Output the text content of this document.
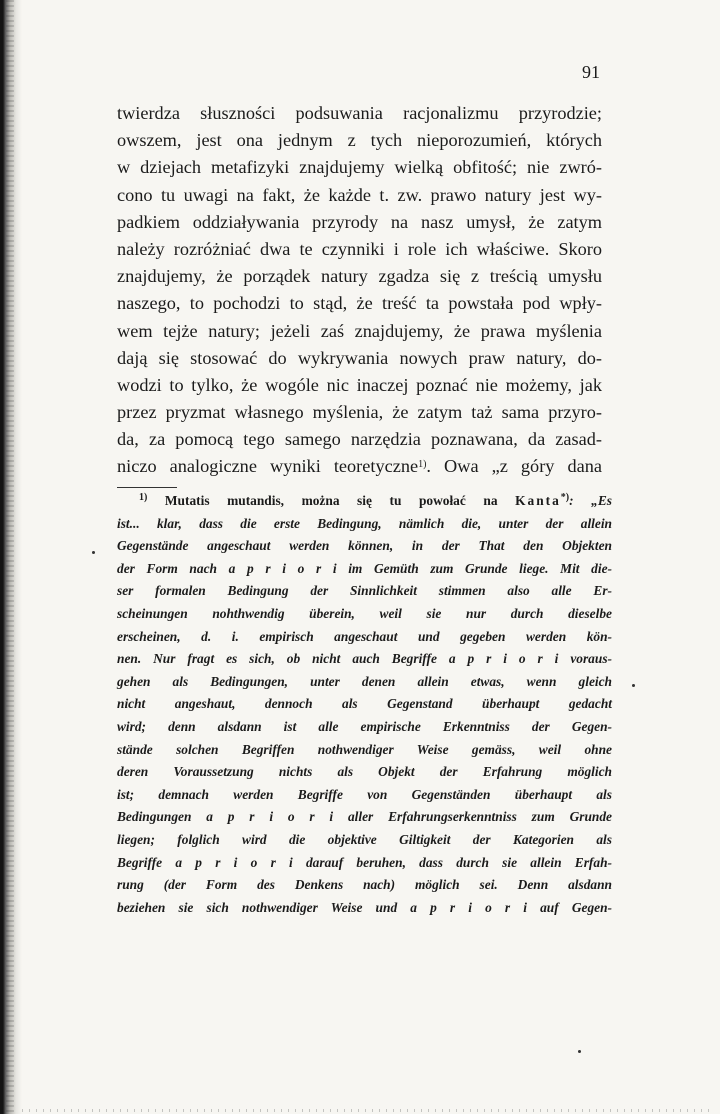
91
twierdza słuszności podsuwania racjonalizmu przyrodzie;
owszem, jest ona jednym z tych nieporozumień, których
w dziejach metafizyki znajdujemy wielką obfitość; nie zwró-
cono tu uwagi na fakt, że każde t. zw. prawo natury jest wy-
padkiem oddziaływania przyrody na nasz umysł, że zatym
należy rozróżniać dwa te czynniki i role ich właściwe. Skoro
znajdujemy, że porządek natury zgadza się z treścią umysłu
naszego, to pochodzi to stąd, że treść ta powstała pod wpły-
wem tejże natury; jeżeli zaś znajdujemy, że prawa myślenia
dają się stosować do wykrywania nowych praw natury, do-
wodzi to tylko, że wogóle nic inaczej poznać nie możemy, jak
przez pryzmat własnego myślenia, że zatym taż sama przyro-
da, za pomocą tego samego narzędzia poznawana, da zasad-
niczo analogiczne wyniki teoretyczne$^{1)}$. Owa „z góry dana
$^{1)}$ Mutatis mutandis, można się tu powołać na Kanta*): „Es
ist... klar, dass die erste Bedingung, nämlich die, unter der allein
Gegenstände angeschaut werden können, in der That den Objekten
der Form nach a p r i o r i im Gemüth zum Grunde liege. Mit die-
ser formalen Bedingung der Sinnlichkeit stimmen also alle Er-
scheinungen nohthwendig überein, weil sie nur durch dieselbe
erscheinen, d. i. empirisch angeschaut und gegeben werden kön-
nen. Nur fragt es sich, ob nicht auch Begriffe a p r i o r i voraus-
gehen als Bedingungen, unter denen allein etwas, wenn gleich
nicht angeshaut, dennoch als Gegenstand überhaupt gedacht
wird; denn alsdann ist alle empirische Erkenntniss der Gegen-
stände solchen Begriffen nothwendiger Weise gemäss, weil ohne
deren Voraussetzung nichts als Objekt der Erfahrung möglich
ist; demnach werden Begriffe von Gegenständen überhaupt als
Bedingungen a p r i o r i aller Erfahrungserkenntniss zum Grunde
liegen; folglich wird die objektive Giltigkeit der Kategorien als
Begriffe a p r i o r i darauf beruhen, dass durch sie allein Erfah-
rung (der Form des Denkens nach) möglich sei. Denn alsdann
beziehen sie sich nothwendiger Weise und a p r i o r i auf Gegen-
